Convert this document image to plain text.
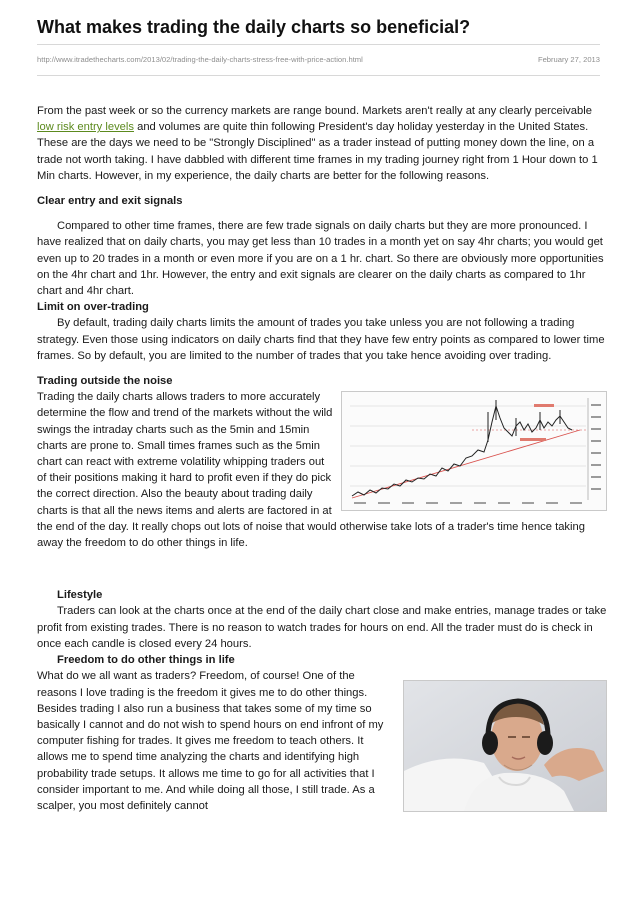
What makes trading the daily charts so beneficial?
http://www.itradethecharts.com/2013/02/trading-the-daily-charts-stress-free-with-price-action.html	February 27, 2013

From the past week or so the currency markets are range bound. Markets aren't really at any clearly perceivable low risk entry levels and volumes are quite thin following President's day holiday yesterday in the United States. These are the days we need to be "Strongly Disciplined" as a trader instead of putting money down the line, on a trade not worth taking. I have dabbled with different time frames in my trading journey right from 1 Hour down to 1 Min charts. However, in my experience, the daily charts are better for the following reasons.

Clear entry and exit signals

Compared to other time frames, there are few trade signals on daily charts but they are more pronounced. I have realized that on daily charts, you may get less than 10 trades in a month yet on say 4hr charts; you would get even up to 20 trades in a month or even more if you are on a 1 hr. chart. So there are obviously more opportunities on the 4hr chart and 1hr. However, the entry and exit signals are clearer on the daily charts as compared to 1hr chart and 4hr chart.

Limit on over-trading

By default, trading daily charts limits the amount of trades you take unless you are not following a trading strategy. Even those using indicators on daily charts find that they have few entry points as compared to lower time frames. So by default, you are limited to the number of trades that you take hence avoiding over trading.

Trading outside the noise

Trading the daily charts allows traders to more accurately determine the flow and trend of the markets without the wild swings the intraday charts such as the 5min and 15min charts are prone to. Small times frames such as the 5min chart can react with extreme volatility whipping traders out of their positions making it hard to profit even if they do pick the correct direction. Also the beauty about trading daily charts is that all the news items and alerts are factored in at the end of the day. It really chops out lots of noise that would otherwise take lots of a trader's time hence taking away the freedom to do other things in life.

Lifestyle

Traders can look at the charts once at the end of the daily chart close and make entries, manage trades or take profit from existing trades. There is no reason to watch trades for hours on end. All the trader must do is check in once each candle is closed every 24 hours.

Freedom to do other things in life

What do we all want as traders? Freedom, of course! One of the reasons I love trading is the freedom it gives me to do other things. Besides trading I also run a business that takes some of my time so basically I cannot and do not wish to spend hours on end infront of my computer fishing for trades. It gives me freedom to teach others. It allows me to spend time analyzing the charts and identifying high probability trade setups. It allows me time to go for all activities that I consider important to me. And while doing all those, I still trade. As a scalper, you most definitely cannot
